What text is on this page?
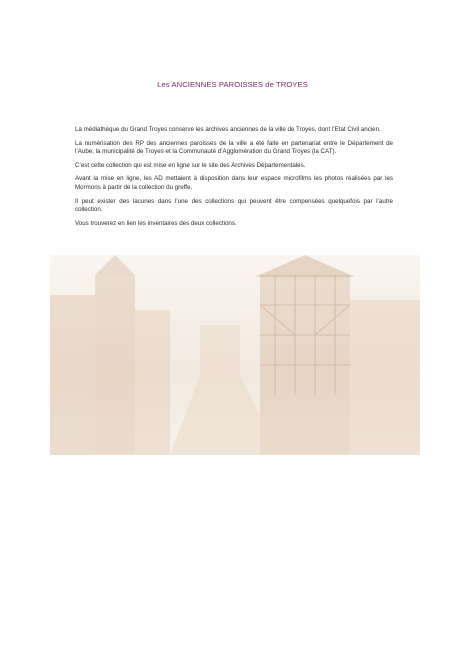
Les ANCIENNES PAROISSES de TROYES

La médiathèque du Grand Troyes conserve les archives anciennes de la ville de Troyes, dont l’Etat Civil ancien.

La numérisation des RP des anciennes paroisses de la ville a été faite en partenariat entre le Département de l’Aube, la municipalité de Troyes et la Communauté d’Agglomération du Grand Troyes (la CAT).

C’est cette collection qui est mise en ligne sur le site des Archives Départementales.

Avant la mise en ligne, les AD mettaient à disposition dans leur espace microfilms les photos réalisées par les Mormons à partir de la collection du greffe.

Il peut exister des lacunes dans l’une des collections qui peuvent être compensées quelquefois par l’autre collection.

Vous trouverez en lien les inventaires des deux collections.
